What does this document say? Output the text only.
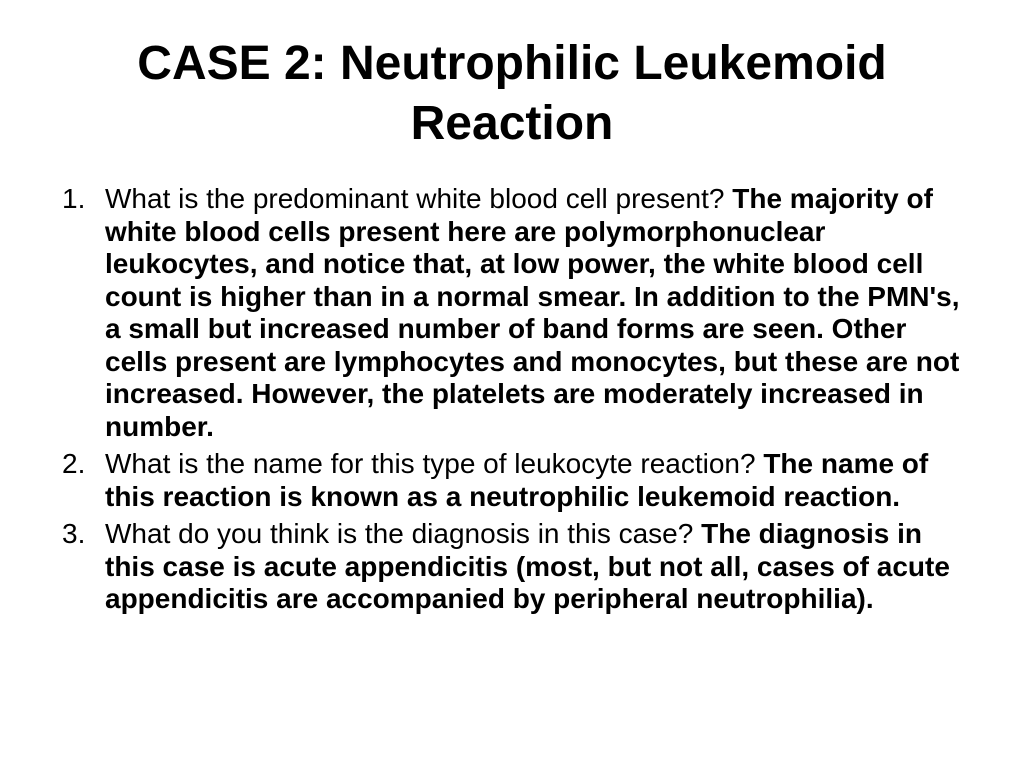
CASE 2: Neutrophilic Leukemoid Reaction
1. What is the predominant white blood cell present? The majority of white blood cells present here are polymorphonuclear leukocytes, and notice that, at low power, the white blood cell count is higher than in a normal smear. In addition to the PMN's, a small but increased number of band forms are seen. Other cells present are lymphocytes and monocytes, but these are not increased. However, the platelets are moderately increased in number.
2. What is the name for this type of leukocyte reaction? The name of this reaction is known as a neutrophilic leukemoid reaction.
3. What do you think is the diagnosis in this case? The diagnosis in this case is acute appendicitis (most, but not all, cases of acute appendicitis are accompanied by peripheral neutrophilia).
